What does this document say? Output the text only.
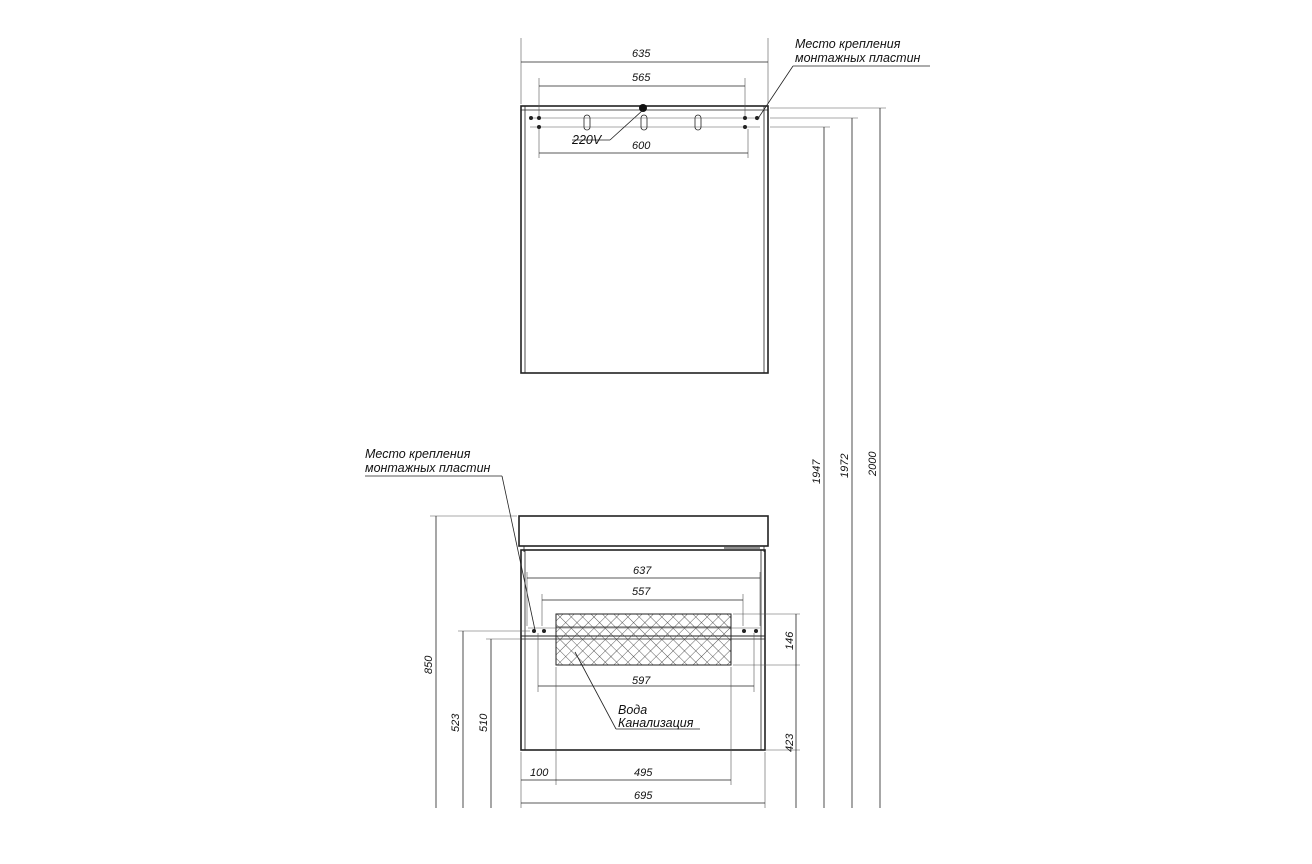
220V
635
565
600
Место крепления
монтажных пластин
1947 1972 2000
Место крепления
монтажных пластин
637
557
597
146
423
100	495
695
850
523 510
Вода
Канализация
